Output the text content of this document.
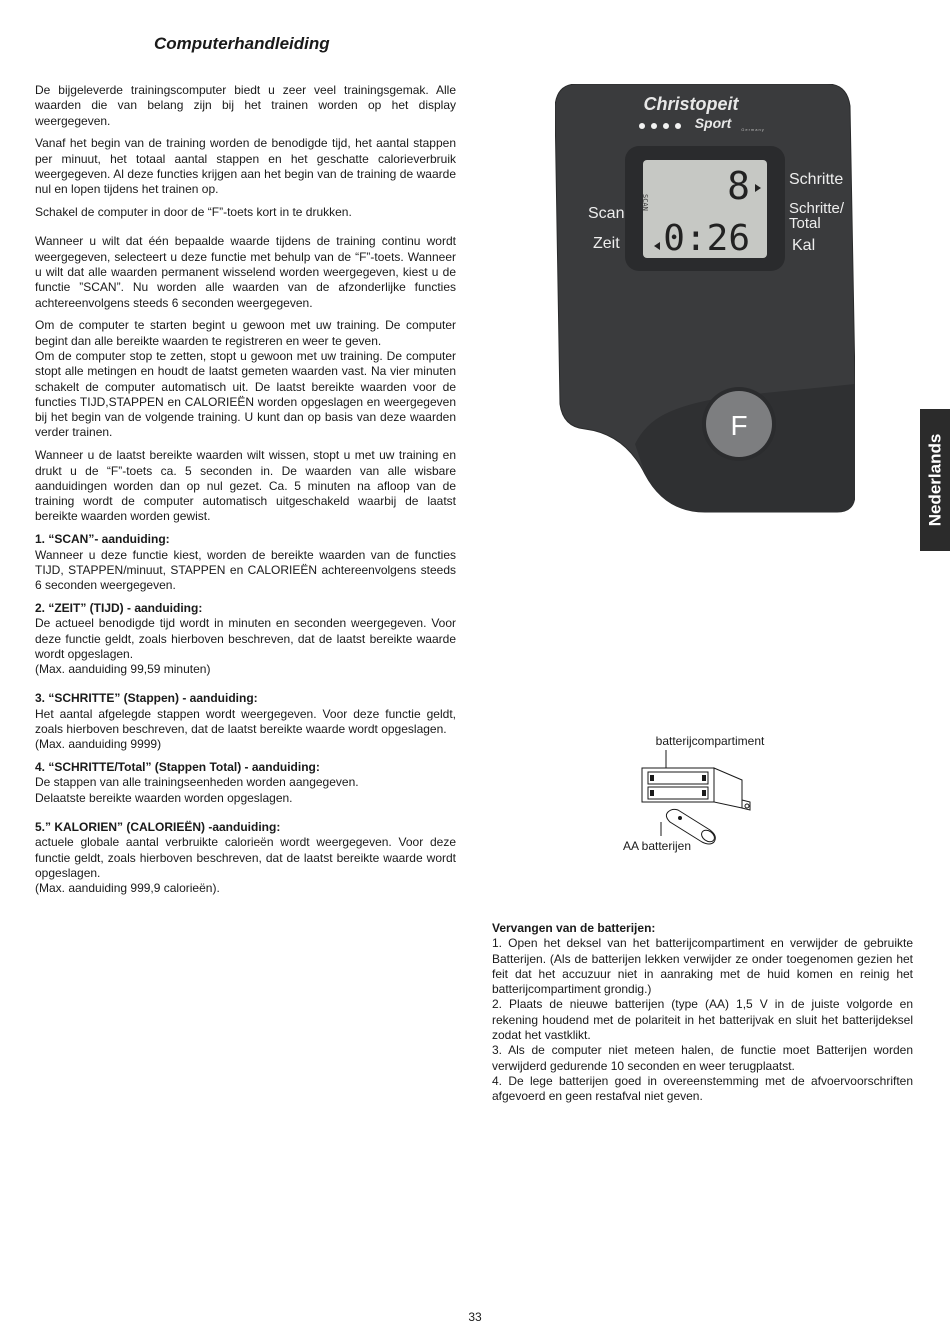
Computerhandleiding

De bijgeleverde trainingscomputer biedt u zeer veel trainingsgemak. Alle waarden die van belang zijn bij het trainen worden op het display weergegeven.

Vanaf het begin van de training worden de benodigde tijd, het aantal stappen per minuut, het totaal aantal stappen en het geschatte calorieverbruik weergegeven. Al deze functies krijgen aan het begin van de training de waarde nul en lopen tijdens het trainen op.

Schakel de computer in door de “F”-toets kort in te drukken.

Wanneer u wilt dat één bepaalde waarde tijdens de training continu wordt weergegeven, selecteert u deze functie met behulp van de “F”-toets. Wanneer u wilt dat alle waarden permanent wisselend worden weergegeven, kiest u de functie ”SCAN”. Nu worden alle waarden van de afzonderlijke functies achtereenvolgens steeds 6 seconden weergegeven.

Om de computer te starten begint u gewoon met uw training. De computer begint dan alle bereikte waarden te registreren en weer te geven.

Om de computer stop te zetten, stopt u gewoon met uw training. De computer stopt alle metingen en houdt de laatst gemeten waarden vast. Na vier minuten schakelt de computer automatisch uit. De laatst bereikte waarden voor de functies TIJD,STAPPEN en CALORIEËN worden opgeslagen en weergegeven bij het begin van de volgende training. U kunt dan op basis van deze waarden verder trainen.

Wanneer u de laatst bereikte waarden wilt wissen, stopt u met uw training en drukt u de “F”-toets ca. 5 seconden in. De waarden van alle wisbare aanduidingen worden dan op nul gezet. Ca. 5 minuten na afloop van de training wordt de computer automatisch uitgeschakeld waarbij de laatst bereikte waarden worden gewist.

1. “SCAN”- aanduiding:
Wanneer u deze functie kiest, worden de bereikte waarden van de functies TIJD, STAPPEN/minuut, STAPPEN en CALORIEËN achtereenvolgens steeds 6 seconden weergegeven.

2. “ZEIT” (TIJD) - aanduiding:
De actueel benodigde tijd wordt in minuten en seconden weergegeven. Voor deze functie geldt, zoals hierboven beschreven, dat de laatst bereikte waarde wordt opgeslagen.
(Max. aanduiding 99,59 minuten)

3. “SCHRITTE” (Stappen) - aanduiding:
Het aantal afgelegde stappen wordt weergegeven. Voor deze functie geldt, zoals hierboven beschreven, dat de laatst bereikte waarde wordt opgeslagen.
(Max. aanduiding 9999)

4. “SCHRITTE/Total” (Stappen Total) - aanduiding:
De stappen van alle trainingseenheden worden aangegeven.
Delaatste bereikte waarden worden opgeslagen.

5.” KALORIEN” (CALORIEËN) -aanduiding:
actuele globale aantal verbruikte calorieën wordt weergegeven. Voor deze functie geldt, zoals hierboven beschreven, dat de laatst bereikte waarde wordt opgeslagen.
(Max. aanduiding 999,9 calorieën).

Christopeit
Sport	Germany
SCAN 8
0:26
Scan
Zeit
Schritte
Schritte/
Total
Kal
F
batterijcompartiment
AA batterijen

Vervangen van de batterijen:

1. Open het deksel van het batterijcompartiment en verwijder de gebruikte Batterijen. (Als de batterijen lekken verwijder ze onder toegenomen gezien het feit dat het accuzuur niet in aanraking met de huid komen en reinig het batterijcompartiment grondig.)

2. Plaats de nieuwe batterijen (type (AA) 1,5 V in de juiste volgorde en rekening houdend met de polariteit in het batterijvak en sluit het batterijdeksel zodat het vastklikt.

3. Als de computer niet meteen halen, de functie moet Batterijen worden verwijderd gedurende 10 seconden en weer terugplaatst.

4. De lege batterijen goed in overeenstemming met de afvoervoorschriften afgevoerd en geen restafval niet geven.

Nederlands
33
